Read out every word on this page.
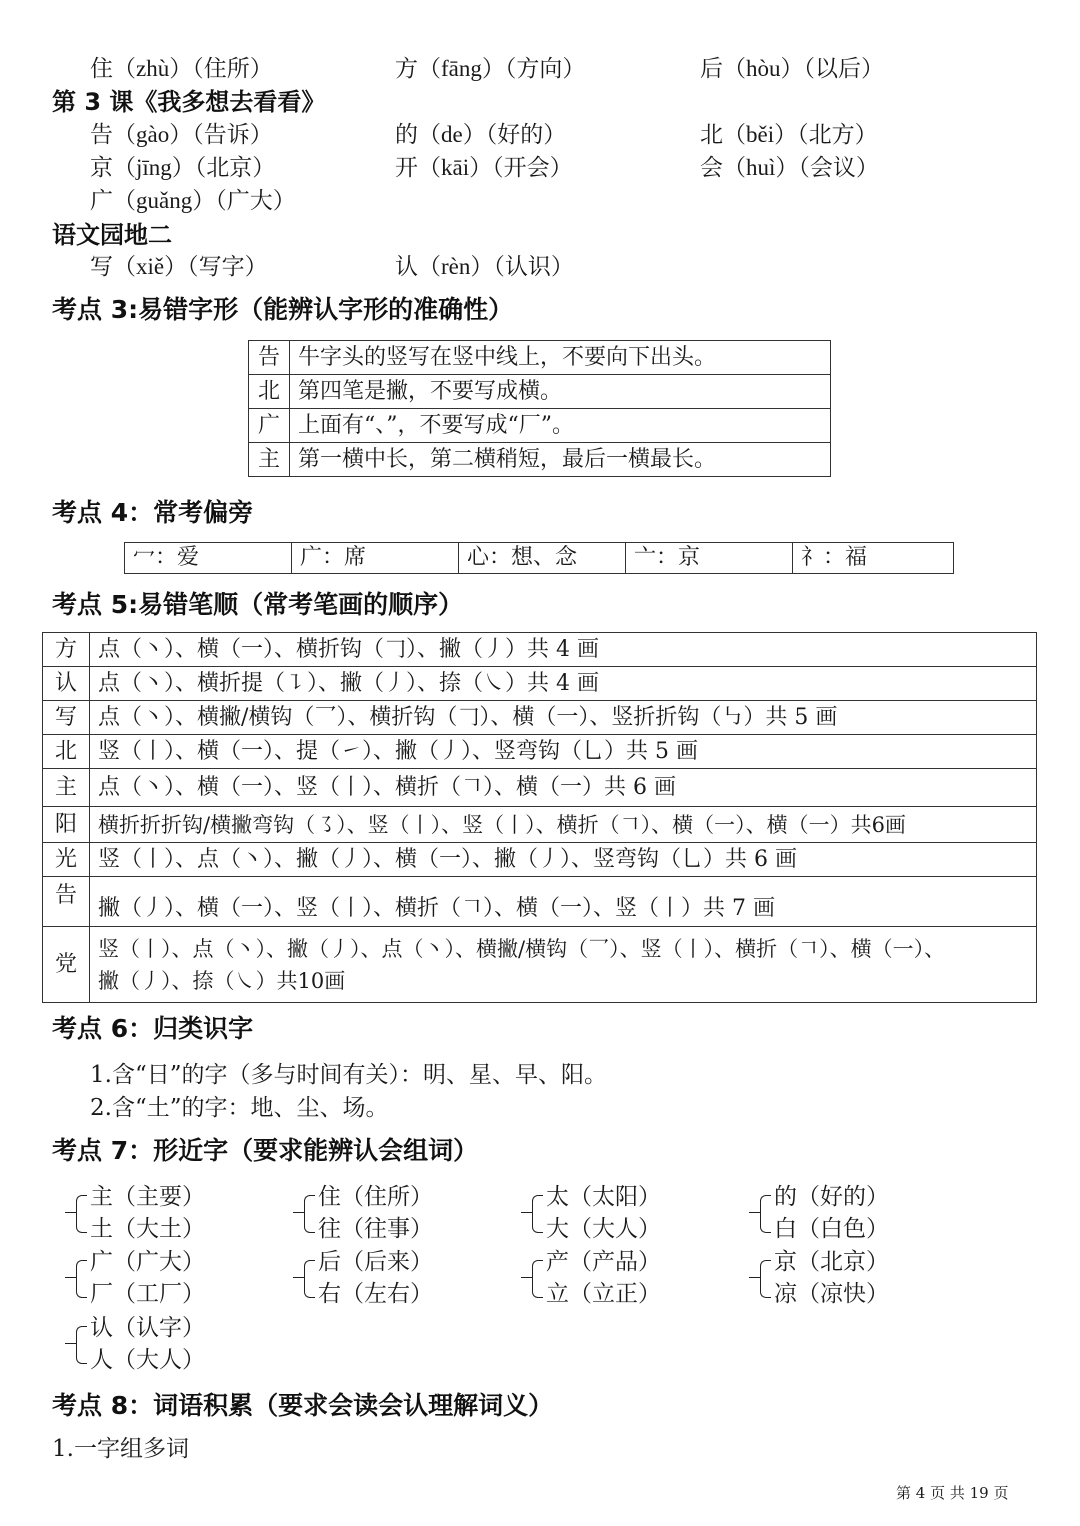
住（zhù）（住所）	方（fāng）（方向）	后（hòu）（以后）
第 3 课《我多想去看看》
告（gào）（告诉）	的（de）（好的）	北（běi）（北方）
京（jīng）（北京）	开（kāi）（开会）	会（huì）（会议）
广（guǎng）（广大）
语文园地二
写（xiě）（写字）	认（rèn）（认识）
考点 3:易错字形（能辨认字形的准确性）
告	牛字头的竖写在竖中线上，不要向下出头。
北	第四笔是撇，不要写成横。
广	上面有“、”，不要写成“厂”。
主	第一横中长，第二横稍短，最后一横最长。
考点 4：常考偏旁
冖：爱	广：席	心：想、念	亠：京	礻：福
考点 5:易错笔顺（常考笔画的顺序）
方	点（丶）、横（一）、横折钩（𠃌）、撇（丿）共 4 画
认	点（丶）、横折提（㇊）、撇（丿）、捺（㇏）共 4 画
写	点（丶）、横撇/横钩（乛）、横折钩（𠃌）、横（一）、竖折折钩（㇉）共 5 画
北	竖（丨）、横（一）、提（㇀）、撇（丿）、竖弯钩（乚）共 5 画
主	点（丶）、横（一）、竖（丨）、横折（𠃍）、横（一）共 6 画
阳	横折折折钩/横撇弯钩（㇌）、竖（丨）、竖（丨）、横折（𠃍）、横（一）、横（一）共6画
光	竖（丨）、点（丶）、撇（丿）、横（一）、撇（丿）、竖弯钩（乚）共 6 画
告	撇（丿）、横（一）、竖（丨）、横折（𠃍）、横（一）、竖（丨）共 7 画
党	竖（丨）、点（丶）、撇（丿）、点（丶）、横撇/横钩（乛）、竖（丨）、横折（𠃍）、横（一）、
撇（丿）、捺（㇏）共10画
考点 6：归类识字
1.含“日”的字（多与时间有关）：明、星、早、阳。
2.含“土”的字：地、尘、场。
考点 7：形近字（要求能辨认会组词）
主（主要）
土（大土）
住（住所）
往（往事）
太（太阳）
大（大人）
的（好的）
白（白色）
广（广大）
厂（工厂）
后（后来）
右（左右）
产（产品）
立（立正）
京（北京）
凉（凉快）
认（认字）
人（大人）
考点 8：词语积累（要求会读会认理解词义）
1.一字组多词
第 4 页 共 19 页
